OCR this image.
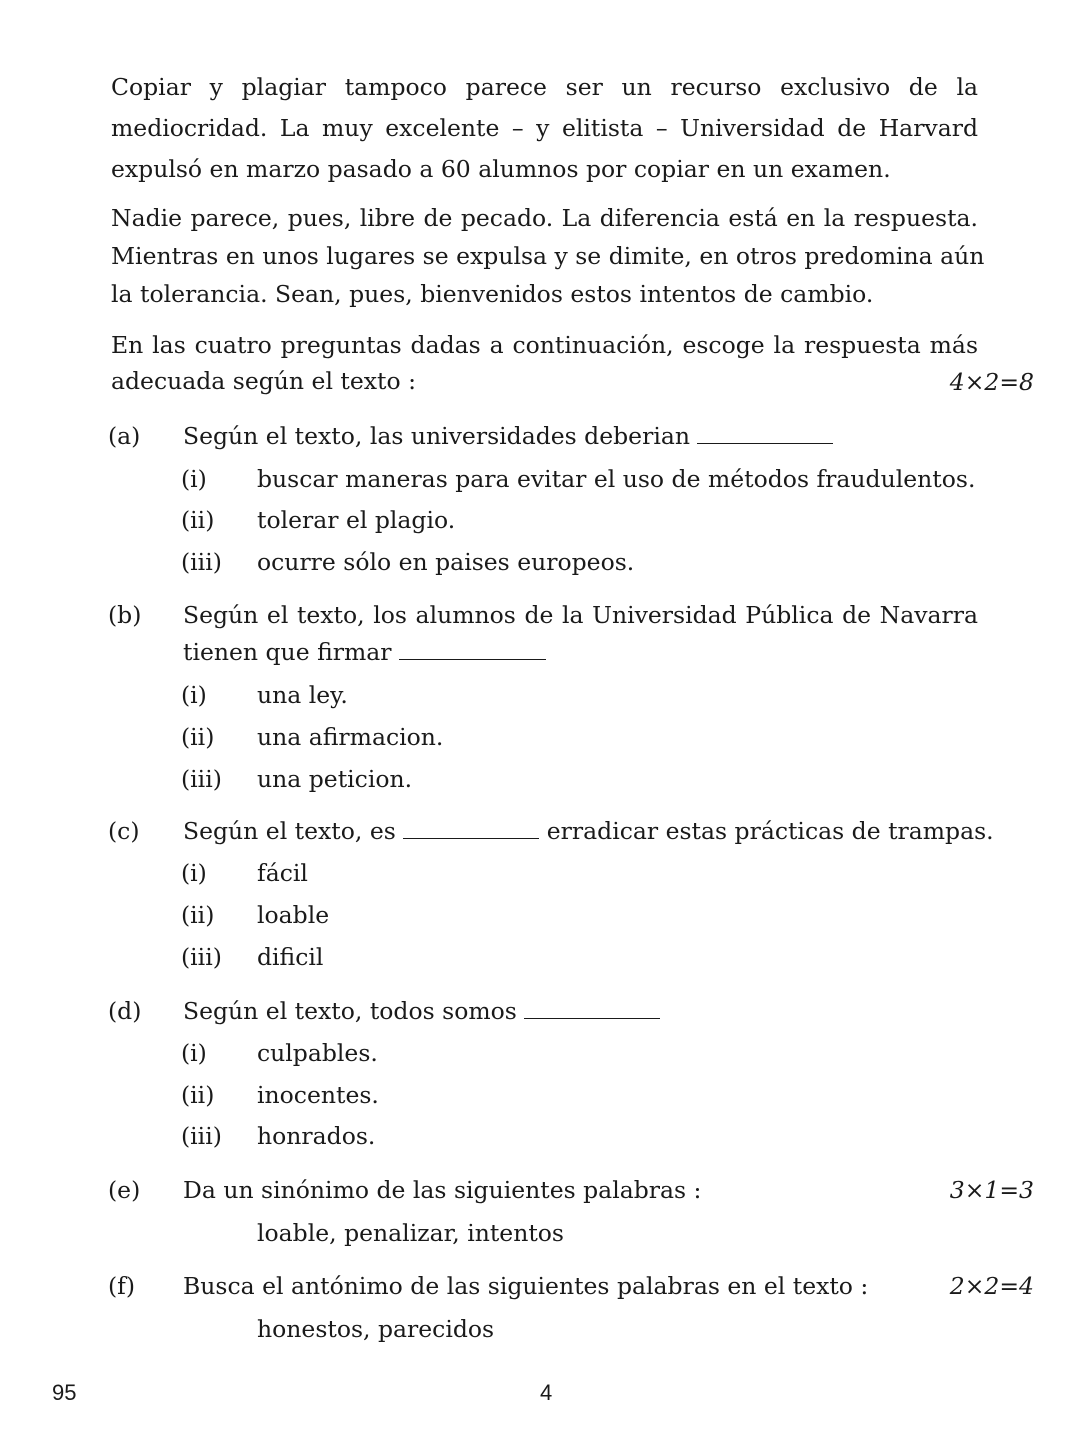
Copiar y plagiar tampoco parece ser un recurso exclusivo de la
mediocridad. La muy excelente – y elitista – Universidad de Harvard
expulsó en marzo pasado a 60 alumnos por copiar en un examen.
Nadie parece, pues, libre de pecado. La diferencia está en la respuesta.
Mientras en unos lugares se expulsa y se dimite, en otros predomina aún
la tolerancia. Sean, pues, bienvenidos estos intentos de cambio.
En las cuatro preguntas dadas a continuación, escoge la respuesta más
adecuada según el texto :	4×2=8
(a) Según el texto, las universidades deberian
(i) buscar maneras para evitar el uso de métodos fraudulentos.
(ii) tolerar el plagio.
(iii) ocurre sólo en paises europeos.
(b) Según el texto, los alumnos de la Universidad Pública de Navarra
tienen que firmar
(i) una ley.
(ii) una afirmacion.
(iii) una peticion.
(c) Según el texto, es	erradicar estas prácticas de trampas.
(i) fácil
(ii) loable
(iii) dificil
(d) Según el texto, todos somos
(i) culpables.
(ii) inocentes.
(iii) honrados.
(e) Da un sinónimo de las siguientes palabras :	3×1=3
loable, penalizar, intentos
(f) Busca el antónimo de las siguientes palabras en el texto :	2×2=4
honestos, parecidos
95	4
